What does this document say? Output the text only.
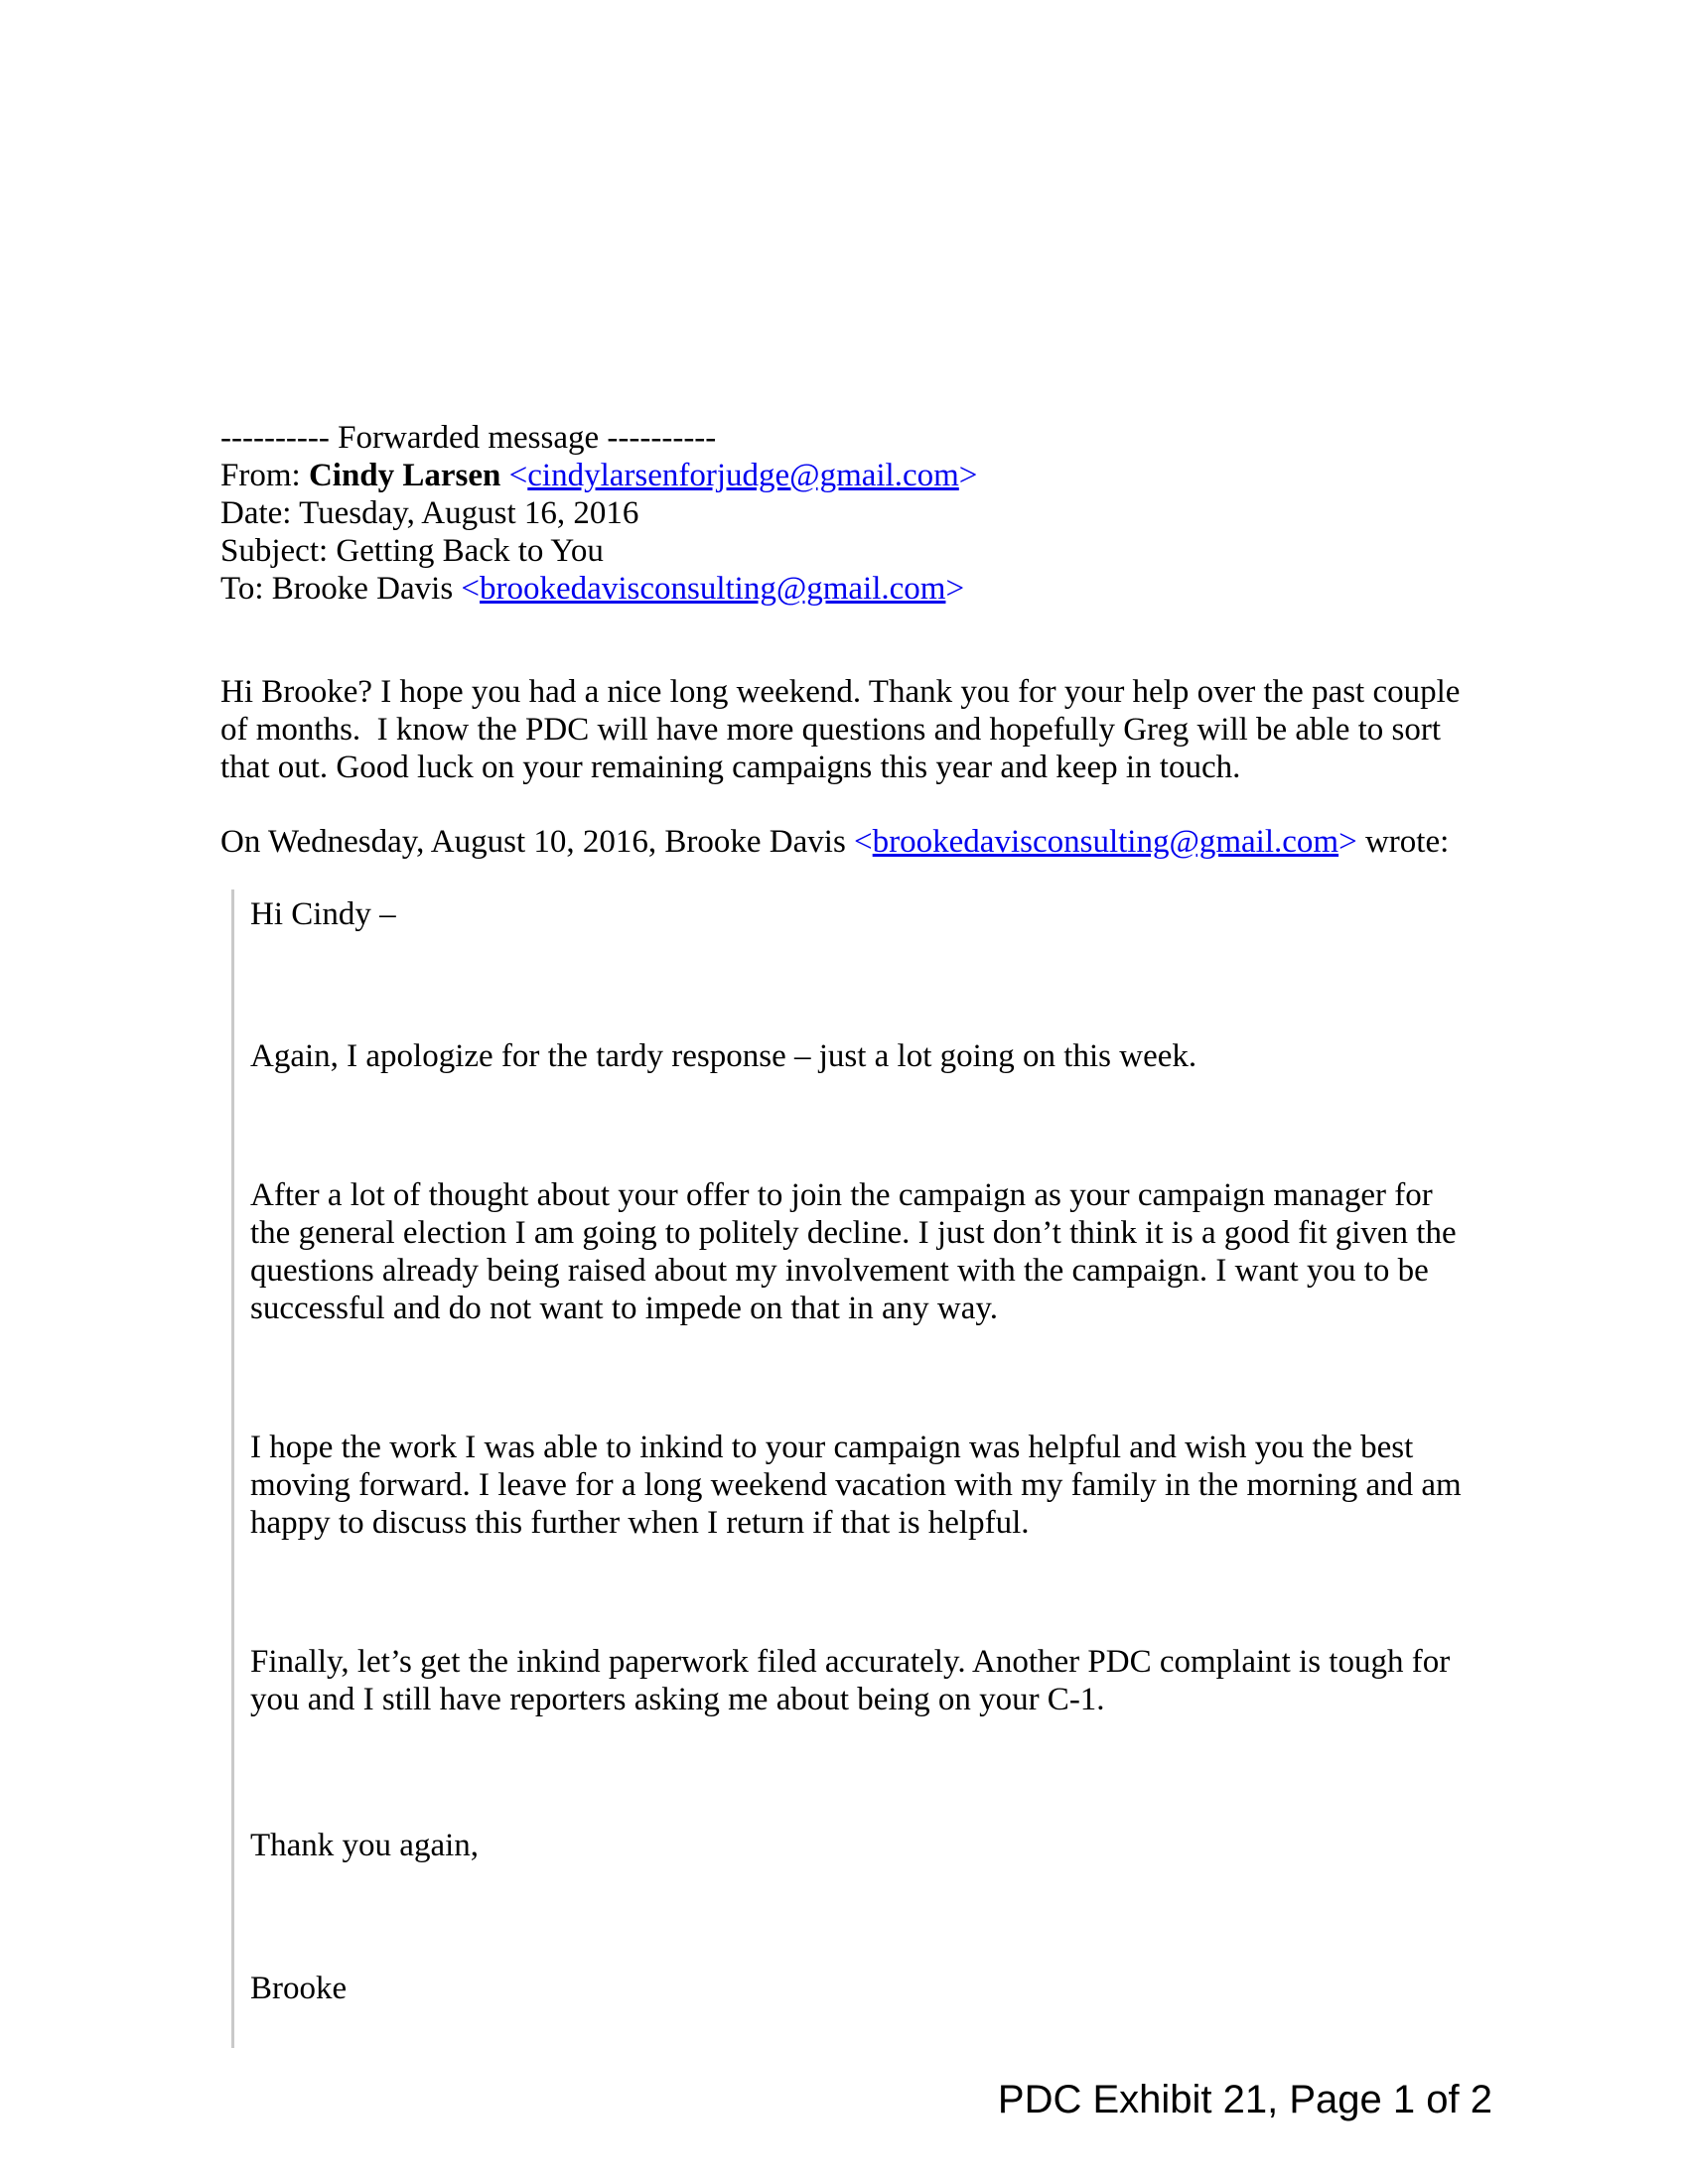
---------- Forwarded message ----------
From: Cindy Larsen <cindylarsenforjudge@gmail.com>
Date: Tuesday, August 16, 2016
Subject: Getting Back to You
To: Brooke Davis <brookedavisconsulting@gmail.com>
Hi Brooke? I hope you had a nice long weekend. Thank you for your help over the past couple
of months.  I know the PDC will have more questions and hopefully Greg will be able to sort
that out. Good luck on your remaining campaigns this year and keep in touch.
On Wednesday, August 10, 2016, Brooke Davis <brookedavisconsulting@gmail.com> wrote:
Hi Cindy –
Again, I apologize for the tardy response – just a lot going on this week.
After a lot of thought about your offer to join the campaign as your campaign manager for
the general election I am going to politely decline. I just don’t think it is a good fit given the
questions already being raised about my involvement with the campaign. I want you to be
successful and do not want to impede on that in any way.
I hope the work I was able to inkind to your campaign was helpful and wish you the best
moving forward. I leave for a long weekend vacation with my family in the morning and am
happy to discuss this further when I return if that is helpful.
Finally, let’s get the inkind paperwork filed accurately. Another PDC complaint is tough for
you and I still have reporters asking me about being on your C-1.
Thank you again,
Brooke
PDC Exhibit 21, Page 1 of 2
